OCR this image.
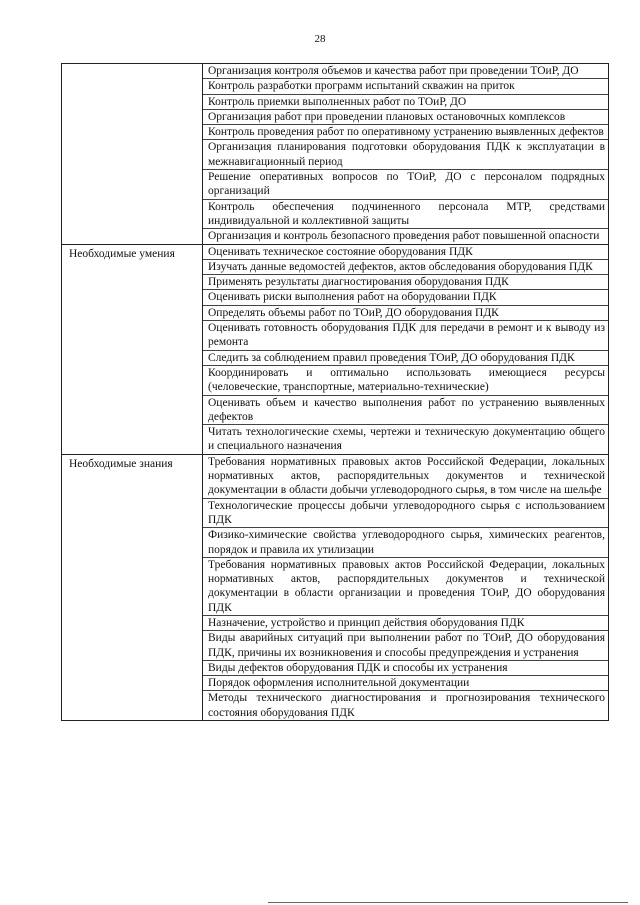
28
Организация контроля объемов и качества работ при проведении ТОиР, ДО
Контроль разработки программ испытаний скважин на приток
Контроль приемки выполненных работ по ТОиР, ДО
Организация работ при проведении плановых остановочных комплексов
Контроль проведения работ по оперативному устранению выявленных дефектов
Организация планирования подготовки оборудования ПДК к эксплуатации в межнавигационный период
Решение оперативных вопросов по ТОиР, ДО с персоналом подрядных организаций
Контроль обеспечения подчиненного персонала МТР, средствами индивидуальной и коллективной защиты
Организация и контроль безопасного проведения работ повышенной опасности
Необходимые умения	Оценивать техническое состояние оборудования ПДК
Изучать данные ведомостей дефектов, актов обследования оборудования ПДК
Применять результаты диагностирования оборудования ПДК
Оценивать риски выполнения работ на оборудовании ПДК
Определять объемы работ по ТОиР, ДО оборудования ПДК
Оценивать готовность оборудования ПДК для передачи в ремонт и к выводу из ремонта
Следить за соблюдением правил проведения ТОиР, ДО оборудования ПДК
Координировать и оптимально использовать имеющиеся ресурсы (человеческие, транспортные, материально-технические)
Оценивать объем и качество выполнения работ по устранению выявленных дефектов
Читать технологические схемы, чертежи и техническую документацию общего и специального назначения
Необходимые знания	Требования нормативных правовых актов Российской Федерации, локальных нормативных актов, распорядительных документов и технической документации в области добычи углеводородного сырья, в том числе на шельфе
Технологические процессы добычи углеводородного сырья с использованием ПДК
Физико-химические свойства углеводородного сырья, химических реагентов, порядок и правила их утилизации
Требования нормативных правовых актов Российской Федерации, локальных нормативных актов, распорядительных документов и технической документации в области организации и проведения ТОиР, ДО оборудования ПДК
Назначение, устройство и принцип действия оборудования ПДК
Виды аварийных ситуаций при выполнении работ по ТОиР, ДО оборудования ПДК, причины их возникновения и способы предупреждения и устранения
Виды дефектов оборудования ПДК и способы их устранения
Порядок оформления исполнительной документации
Методы технического диагностирования и прогнозирования технического состояния оборудования ПДК
